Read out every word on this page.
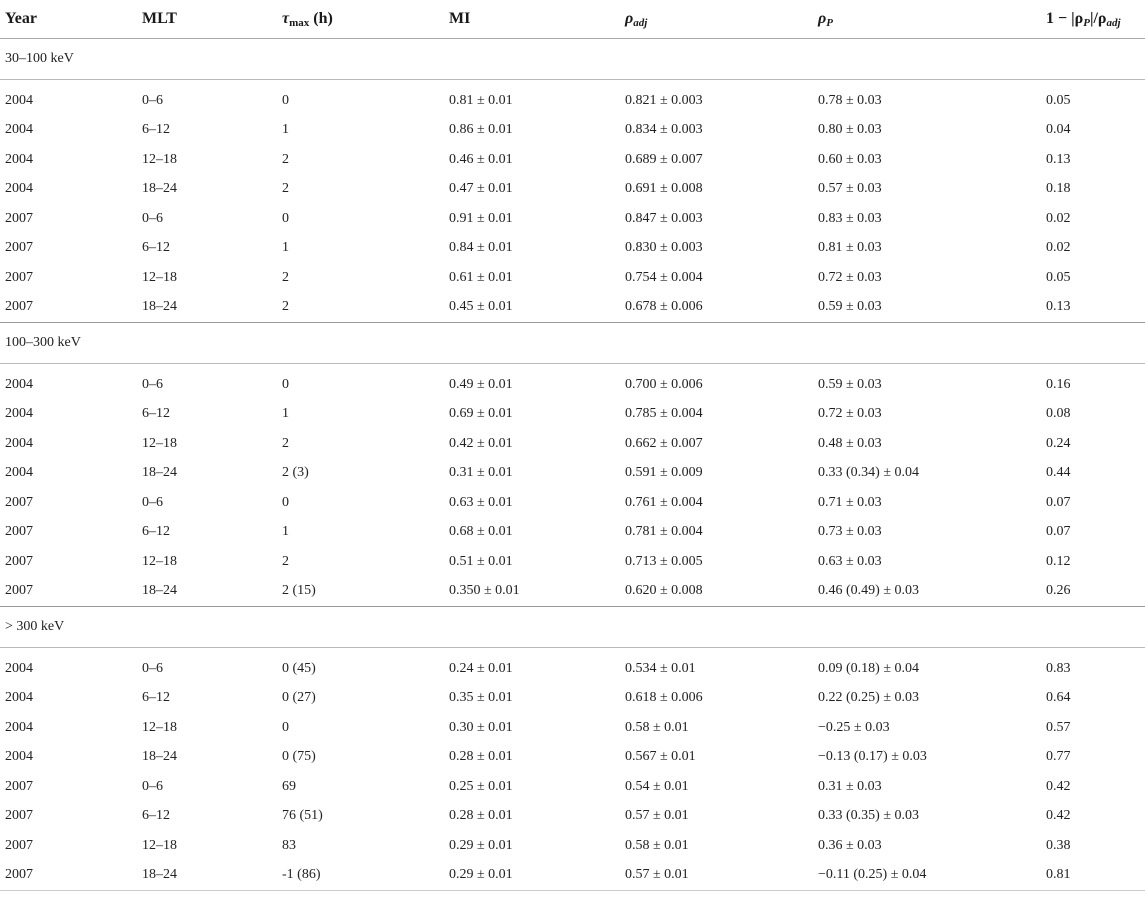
Year	MLT	$\tau_{max}$ (h)	MI	$\rho_{adj}$	$\rho_P$	$1 - |\rho_P|/\rho_{adj}$
30–100 keV						
2004	0–6	0	0.81 ± 0.01	0.821 ± 0.003	0.78 ± 0.03	0.05
2004	6–12	1	0.86 ± 0.01	0.834 ± 0.003	0.80 ± 0.03	0.04
2004	12–18	2	0.46 ± 0.01	0.689 ± 0.007	0.60 ± 0.03	0.13
2004	18–24	2	0.47 ± 0.01	0.691 ± 0.008	0.57 ± 0.03	0.18
2007	0–6	0	0.91 ± 0.01	0.847 ± 0.003	0.83 ± 0.03	0.02
2007	6–12	1	0.84 ± 0.01	0.830 ± 0.003	0.81 ± 0.03	0.02
2007	12–18	2	0.61 ± 0.01	0.754 ± 0.004	0.72 ± 0.03	0.05
2007	18–24	2	0.45 ± 0.01	0.678 ± 0.006	0.59 ± 0.03	0.13
100–300 keV						
2004	0–6	0	0.49 ± 0.01	0.700 ± 0.006	0.59 ± 0.03	0.16
2004	6–12	1	0.69 ± 0.01	0.785 ± 0.004	0.72 ± 0.03	0.08
2004	12–18	2	0.42 ± 0.01	0.662 ± 0.007	0.48 ± 0.03	0.24
2004	18–24	2 (3)	0.31 ± 0.01	0.591 ± 0.009	0.33 (0.34) ± 0.04	0.44
2007	0–6	0	0.63 ± 0.01	0.761 ± 0.004	0.71 ± 0.03	0.07
2007	6–12	1	0.68 ± 0.01	0.781 ± 0.004	0.73 ± 0.03	0.07
2007	12–18	2	0.51 ± 0.01	0.713 ± 0.005	0.63 ± 0.03	0.12
2007	18–24	2 (15)	0.350 ± 0.01	0.620 ± 0.008	0.46 (0.49) ± 0.03	0.26
> 300 keV						
2004	0–6	0 (45)	0.24 ± 0.01	0.534 ± 0.01	0.09 (0.18) ± 0.04	0.83
2004	6–12	0 (27)	0.35 ± 0.01	0.618 ± 0.006	0.22 (0.25) ± 0.03	0.64
2004	12–18	0	0.30 ± 0.01	0.58 ± 0.01	−0.25 ± 0.03	0.57
2004	18–24	0 (75)	0.28 ± 0.01	0.567 ± 0.01	−0.13 (0.17) ± 0.03	0.77
2007	0–6	69	0.25 ± 0.01	0.54 ± 0.01	0.31 ± 0.03	0.42
2007	6–12	76 (51)	0.28 ± 0.01	0.57 ± 0.01	0.33 (0.35) ± 0.03	0.42
2007	12–18	83	0.29 ± 0.01	0.58 ± 0.01	0.36 ± 0.03	0.38
2007	18–24	-1 (86)	0.29 ± 0.01	0.57 ± 0.01	−0.11 (0.25) ± 0.04	0.81
